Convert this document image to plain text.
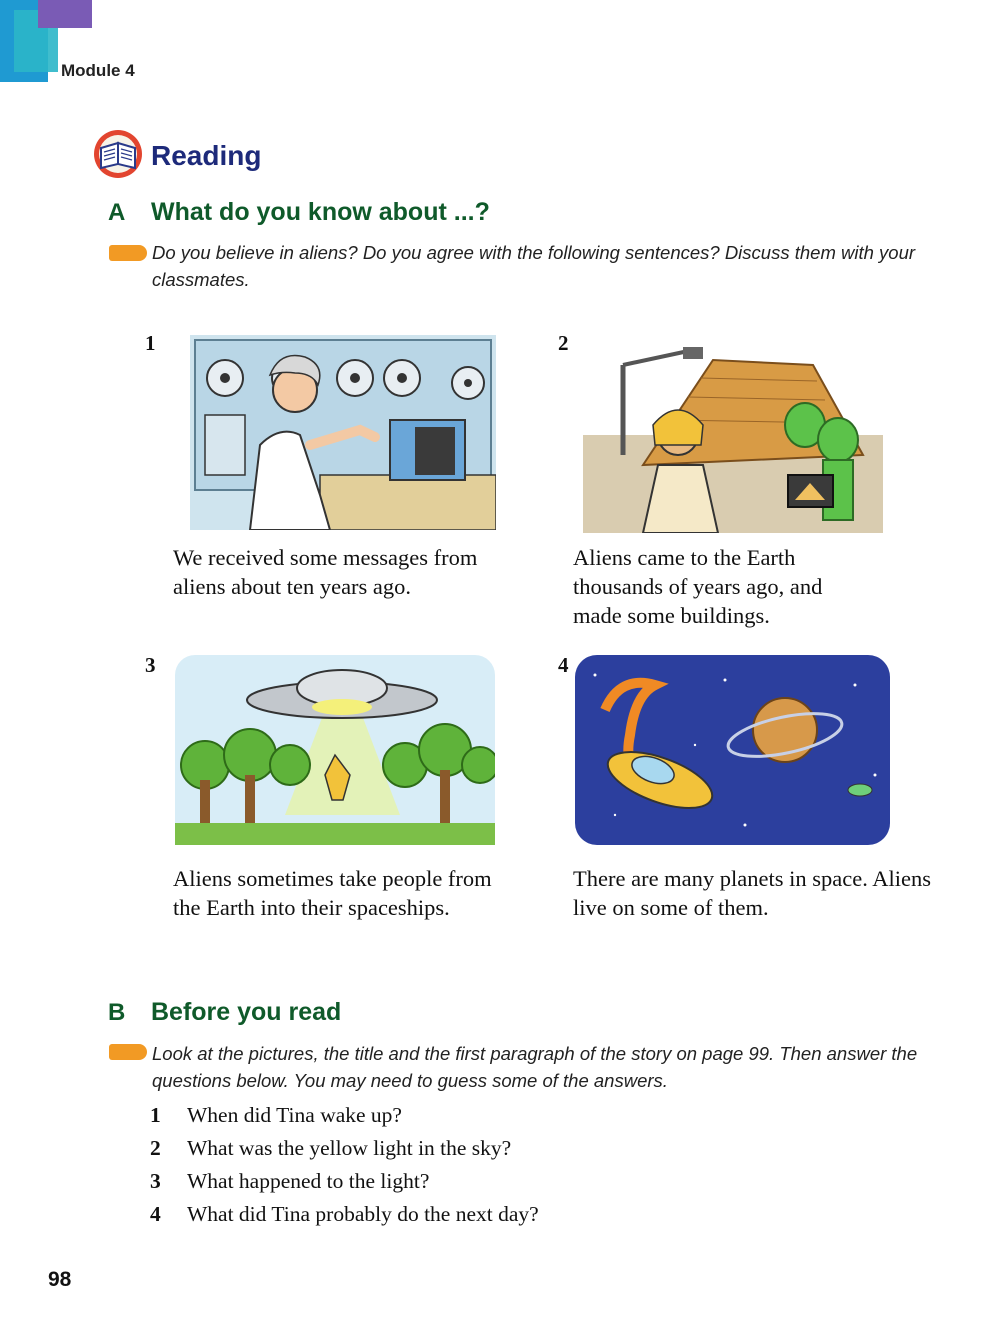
Module 4
Reading
A What do you know about ...?
Do you believe in aliens? Do you agree with the following sentences? Discuss them with your classmates.
1
We received some messages from aliens about ten years ago.
2
Aliens came to the Earth thousands of years ago, and made some buildings.
3
Aliens sometimes take people from the Earth into their spaceships.
4
There are many planets in space. Aliens live on some of them.
B Before you read
Look at the pictures, the title and the first paragraph of the story on page 99. Then answer the questions below. You may need to guess some of the answers.
1 When did Tina wake up?
2 What was the yellow light in the sky?
3 What happened to the light?
4 What did Tina probably do the next day?
98
